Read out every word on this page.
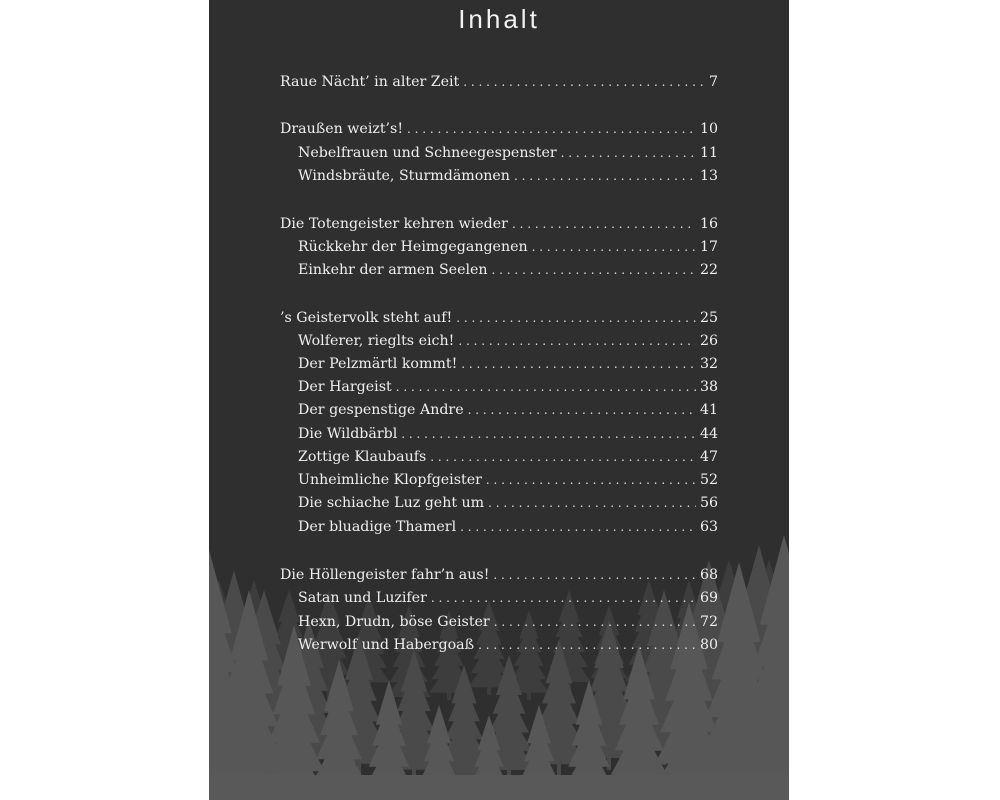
Inhalt
Raue Nächt’ in alter Zeit . . .	7
Draußen weizt’s! . . .	10
Nebelfrauen und Schneegespenster . . .	11
Windsbräute, Sturmdämonen . . .	13
Die Totengeister kehren wieder . . .	16
Rückkehr der Heimgegangenen . . .	17
Einkehr der armen Seelen . . .	22
’s Geistervolk steht auf! . . .	25
Wolferer, rieglts eich! . . .	26
Der Pelzmärtl kommt! . . .	32
Der Hargeist . . .	38
Der gespenstige Andre . . .	41
Die Wildbärbl . . .	44
Zottige Klaubaufs . . .	47
Unheimliche Klopfgeister . . .	52
Die schiache Luz geht um . . .	56
Der bluadige Thamerl . . .	63
Die Höllengeister fahr’n aus! . . .	68
Satan und Luzifer . . .	69
Hexn, Drudn, böse Geister . . .	72
Werwolf und Habergoaß . . .	80
